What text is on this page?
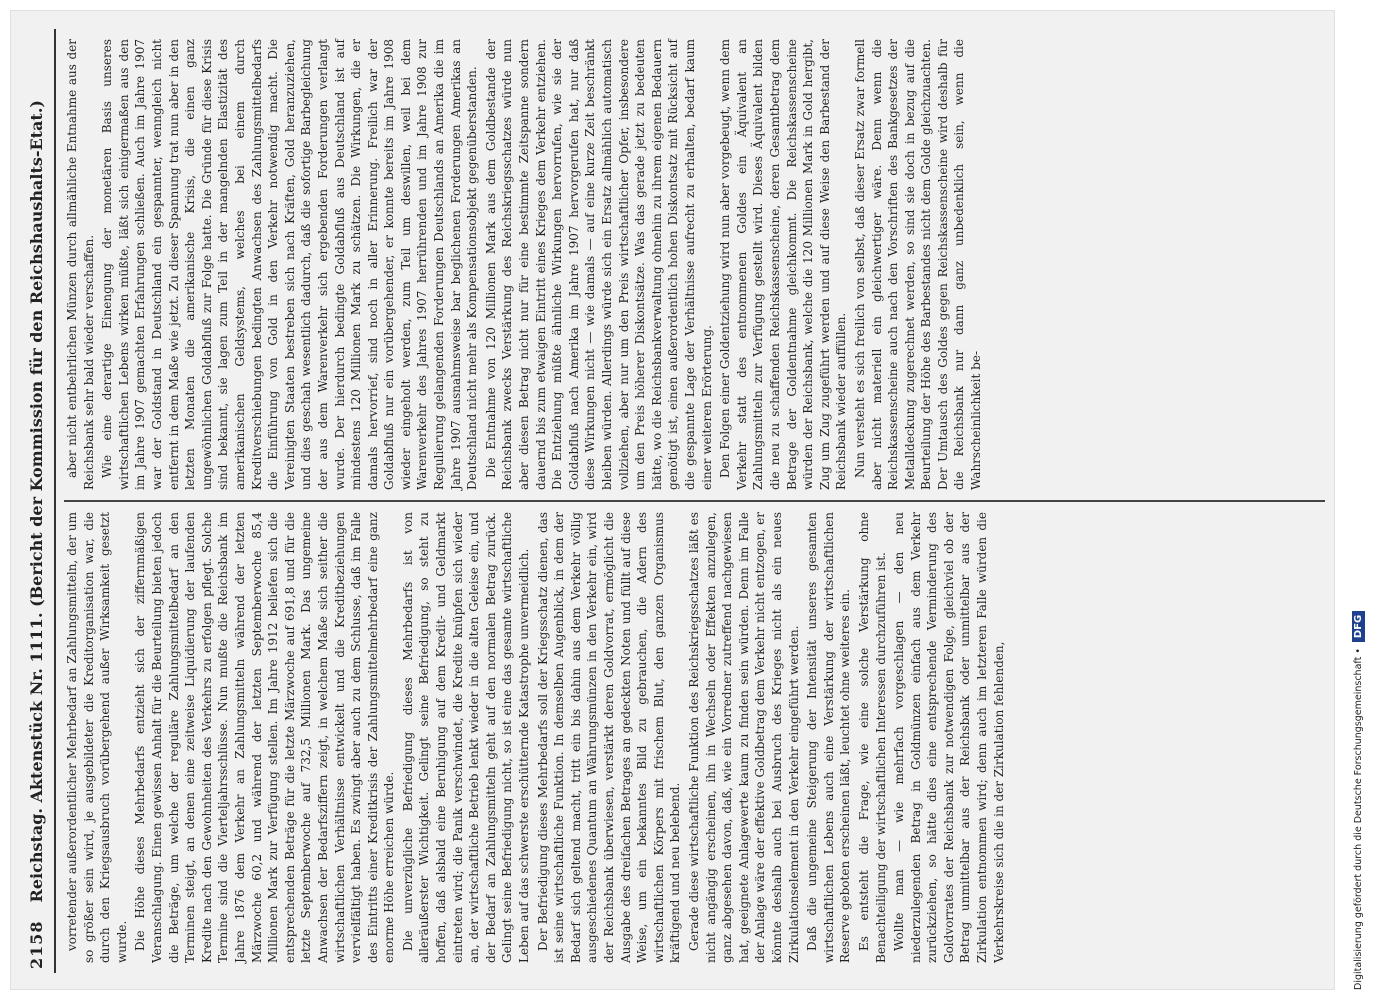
2158
Reichstag. Aktenstück Nr. 1111. (Bericht der Kommission für den Reichshaushalts-Etat.) vorretender außerordentlicher Mehrbedarf an Zahlungsmitteln, der um so größer sein wird, je ausgebildeter die Kreditorganisation war, die durch den Kriegsausbruch vorübergehend außer Wirksamkeit gesetzt wurde. Die Höhe dieses Mehrbedarfs entzieht sich der ziffernmäßigen Veranschlagung. Einen gewissen Anhalt für die Beurteilung bieten jedoch die Beträge, um welche der reguläre Zahlungsmittelbedarf an den Terminen steigt, an denen eine zeitweise Liquidierung der laufenden Kredite nach den Gewohnheiten des Verkehrs zu erfolgen pflegt. Solche Termine sind die Vierteljahrsschlüsse. Nun mußte die Reichsbank im Jahre 1876 dem Verkehr an Zahlungsmitteln während der letzten Märzwoche 60,2 und während der letzten Septemberwoche 85,4 Millionen Mark zur Verfügung stellen. Im Jahre 1912 beliefen sich die entsprechenden Beträge für die letzte Märzwoche auf 691,8 und für die letzte Septemberwoche auf 732,5 Millionen Mark. Das ungemeine Anwachsen der Bedarfsziffern zeigt, in welchem Maße sich seither die wirtschaftlichen Verhältnisse entwickelt und die Kreditbeziehungen vervielfältigt haben. Es zwingt aber auch zu dem Schlusse, daß im Falle des Eintritts einer Kreditkrisis der Zahlungsmittelmehrbedarf eine ganz enorme Höhe erreichen würde. Die unverzügliche Befriedigung dieses Mehrbedarfs ist von alleräußerster Wichtigkeit. Gelingt seine Befriedigung, so steht zu hoffen, daß alsbald eine Beruhigung auf dem Kredit- und Geldmarkt eintreten wird; die Panik verschwindet, die Kredite knüpfen sich wieder an, der wirtschaftliche Betrieb lenkt wieder in die alten Geleise ein, und der Bedarf an Zahlungsmitteln geht auf den normalen Betrag zurück. Gelingt seine Befriedigung nicht, so ist eine das gesamte wirtschaftliche Leben auf das schwerste erschütternde Katastrophe unvermeidlich. Der Befriedigung dieses Mehrbedarfs soll der Kriegsschatz dienen, das ist seine wirtschaftliche Funktion. In demselben Augenblick, in dem der Bedarf sich geltend macht, tritt ein bis dahin aus dem Verkehr völlig ausgeschiedenes Quantum an Währungsmünzen in den Verkehr ein, wird der Reichsbank überwiesen, verstärkt deren Goldvorrat, ermöglicht die Ausgabe des dreifachen Betrages an gedeckten Noten und füllt auf diese Weise, um ein bekanntes Bild zu gebrauchen, die Adern des wirtschaftlichen Körpers mit frischem Blut, den ganzen Organismus kräftigend und neu belebend. Gerade diese wirtschaftliche Funktion des Reichskriegsschatzes läßt es nicht angängig erscheinen, ihn in Wechseln oder Effekten anzulegen, ganz abgesehen davon, daß, wie ein Vorredner zutreffend nachgewiesen hat, geeignete Anlagewerte kaum zu finden sein würden. Denn im Falle der Anlage wäre der effektive Goldbetrag dem Verkehr nicht entzogen, er könnte deshalb auch bei Ausbruch des Krieges nicht als ein neues Zirkulationselement in den Verkehr eingeführt werden. Daß die ungemeine Steigerung der Intensität unseres gesamten wirtschaftlichen Lebens auch eine Verstärkung der wirtschaftlichen Reserve geboten erscheinen läßt, leuchtet ohne weiteres ein. Es entsteht die Frage, wie eine solche Verstärkung ohne Benachteiligung der wirtschaftlichen Interessen durchzuführen ist. Wollte man — wie mehrfach vorgeschlagen — den neu niederzulegenden Betrag in Goldmünzen einfach aus dem Verkehr zurückziehen, so hätte dies eine entsprechende Verminderung des Goldvorrates der Reichsbank zur notwendigen Folge, gleichviel ob der Betrag unmittelbar aus der Reichsbank oder unmittelbar aus der Zirkulation entnommen wird; denn auch im letzteren Falle würden die Verkehrskreise sich die in der Zirkulation fehlenden,

aber nicht entbehrlichen Münzen durch allmähliche Entnahme aus der Reichsbank sehr bald wieder verschaffen. Wie eine derartige Einengung der monetären Basis unseres wirtschaftlichen Lebens wirken müßte, läßt sich einigermaßen aus den im Jahre 1907 gemachten Erfahrungen schließen. Auch im Jahre 1907 war der Goldstand in Deutschland ein gespannter, wenngleich nicht entfernt in dem Maße wie jetzt. Zu dieser Spannung trat nun aber in den letzten Monaten die amerikanische Krisis, die einen ganz ungewöhnlichen Goldabfluß zur Folge hatte. Die Gründe für diese Krisis sind bekannt, sie lagen zum Teil in der mangelnden Elastizität des amerikanischen Geldsystems, welches bei einem durch Kreditverschiebungen bedingten Anwachsen des Zahlungsmittelbedarfs die Einführung von Gold in den Verkehr notwendig macht. Die Vereinigten Staaten bestreben sich nach Kräften, Gold heranzuziehen, und dies geschah wesentlich dadurch, daß die sofortige Barbegleichung der aus dem Warenverkehr sich ergebenden Forderungen verlangt wurde. Der hierdurch bedingte Goldabfluß aus Deutschland ist auf mindestens 120 Millionen Mark zu schätzen. Die Wirkungen, die er damals hervorrief, sind noch in aller Erinnerung. Freilich war der Goldabfluß nur ein vorübergehender, er konnte bereits im Jahre 1908 wieder eingeholt werden, zum Teil um deswillen, weil bei dem Warenverkehr des Jahres 1907 herrührenden und im Jahre 1908 zur Regulierung gelangenden Forderungen Deutschlands an Amerika die im Jahre 1907 ausnahmsweise bar beglichenen Forderungen Amerikas an Deutschland nicht mehr als Kompensationsobjekt gegenüberstanden. Die Entnahme von 120 Millionen Mark aus dem Goldbestande der Reichsbank zwecks Verstärkung des Reichskriegsschatzes würde nun aber diesen Betrag nicht nur für eine bestimmte Zeitspanne sondern dauernd bis zum etwaigen Eintritt eines Krieges dem Verkehr entziehen. Die Entziehung müßte ähnliche Wirkungen hervorrufen, wie sie der Goldabfluß nach Amerika im Jahre 1907 hervorgerufen hat, nur daß diese Wirkungen nicht — wie damals — auf eine kurze Zeit beschränkt bleiben würden. Allerdings würde sich ein Ersatz allmählich automatisch vollziehen, aber nur um den Preis wirtschaftlicher Opfer, insbesondere um den Preis höherer Diskontsätze. Was das gerade jetzt zu bedeuten hätte, wo die Reichsbankverwaltung ohnehin zu ihrem eigenen Bedauern genötigt ist, einen außerordentlich hohen Diskontsatz mit Rücksicht auf die gespannte Lage der Verhältnisse aufrecht zu erhalten, bedarf kaum einer weiteren Erörterung. Den Folgen einer Goldentziehung wird nun aber vorgebeugt, wenn dem Verkehr statt des entnommenen Goldes ein Äquivalent an Zahlungsmitteln zur Verfügung gestellt wird. Dieses Äquivalent bilden die neu zu schaffenden Reichskassenscheine, deren Gesamtbetrag dem Betrage der Goldentnahme gleichkommt. Die Reichskassenscheine würden der Reichsbank, welche die 120 Millionen Mark in Gold hergibt, Zug um Zug zugeführt werden und auf diese Weise den Barbestand der Reichsbank wieder auffüllen. Nun versteht es sich freilich von selbst, daß dieser Ersatz zwar formell aber nicht materiell ein gleichwertiger wäre. Denn wenn die Reichskassenscheine auch nach den Vorschriften des Bankgesetzes der Metalldeckung zugerechnet werden, so sind sie doch in bezug auf die Beurteilung der Höhe des Barbestandes nicht dem Golde gleichzuachten. Der Umtausch des Goldes gegen Reichskassenscheine wird deshalb für die Reichsbank nur dann ganz unbedenklich sein, wenn die Wahrscheinlichkeit be-

Digitalisierung gefördert durch die Deutsche Forschungsgemeinschaft •
DFG
